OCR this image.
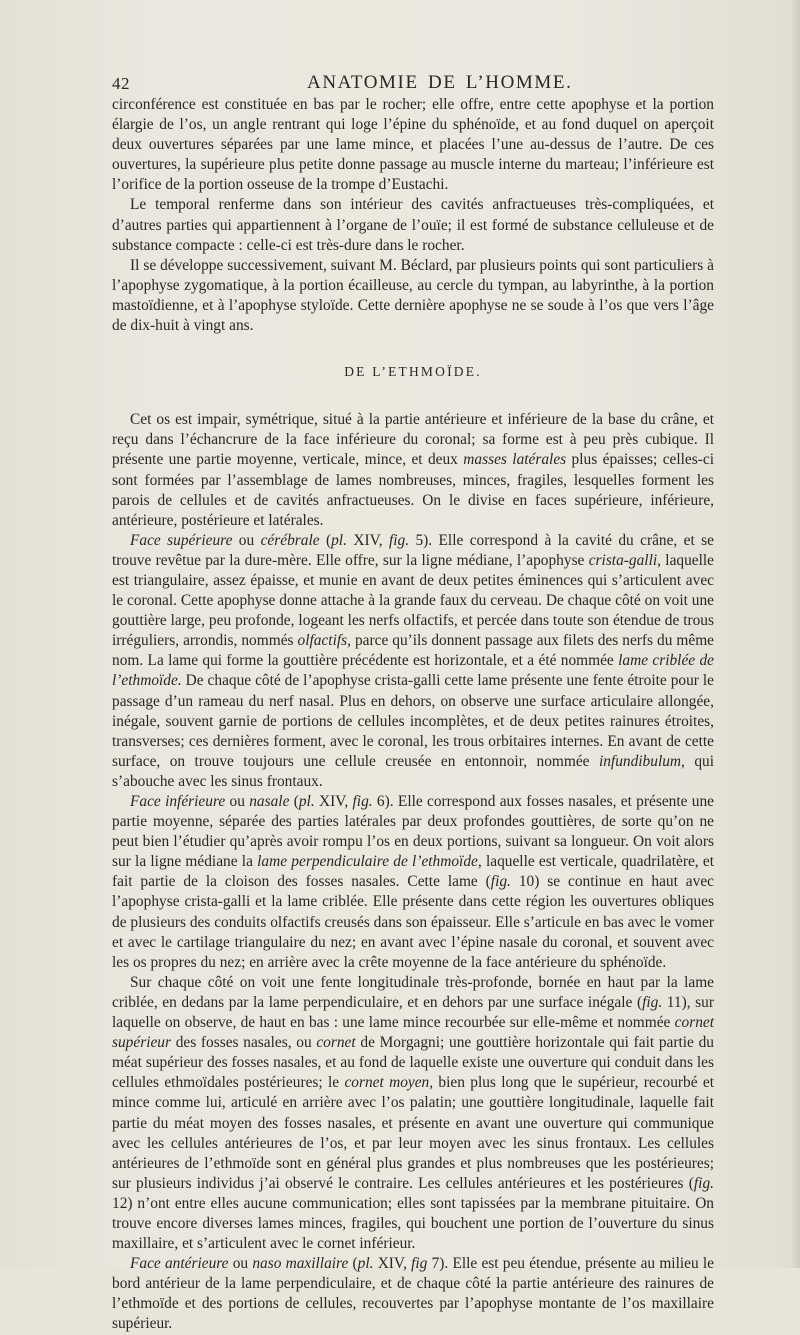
42	ANATOMIE DE L’HOMME.

circonférence est constituée en bas par le rocher; elle offre, entre cette apophyse et la portion élargie de l’os, un angle rentrant qui loge l’épine du sphénoïde, et au fond duquel on aperçoit deux ouvertures séparées par une lame mince, et placées l’une au-dessus de l’autre. De ces ouvertures, la supérieure plus petite donne passage au muscle interne du marteau; l’inférieure est l’orifice de la portion osseuse de la trompe d’Eustachi.

Le temporal renferme dans son intérieur des cavités anfractueuses très-compliquées, et d’autres parties qui appartiennent à l’organe de l’ouïe; il est formé de substance celluleuse et de substance compacte : celle-ci est très-dure dans le rocher.

Il se développe successivement, suivant M. Béclard, par plusieurs points qui sont particuliers à l’apophyse zygomatique, à la portion écailleuse, au cercle du tympan, au labyrinthe, à la portion mastoïdienne, et à l’apophyse styloïde. Cette dernière apophyse ne se soude à l’os que vers l’âge de dix-huit à vingt ans.

DE L’ETHMOÏDE.

Cet os est impair, symétrique, situé à la partie antérieure et inférieure de la base du crâne, et reçu dans l’échancrure de la face inférieure du coronal; sa forme est à peu près cubique. Il présente une partie moyenne, verticale, mince, et deux masses latérales plus épaisses; celles-ci sont formées par l’assemblage de lames nombreuses, minces, fragiles, lesquelles forment les parois de cellules et de cavités anfractueuses. On le divise en faces supérieure, inférieure, antérieure, postérieure et latérales.

Face supérieure ou cérébrale (pl. XIV, fig. 5). Elle correspond à la cavité du crâne, et se trouve revêtue par la dure-mère. Elle offre, sur la ligne médiane, l’apophyse crista-galli, laquelle est triangulaire, assez épaisse, et munie en avant de deux petites éminences qui s’articulent avec le coronal. Cette apophyse donne attache à la grande faux du cerveau. De chaque côté on voit une gouttière large, peu profonde, logeant les nerfs olfactifs, et percée dans toute son étendue de trous irréguliers, arrondis, nommés olfactifs, parce qu’ils donnent passage aux filets des nerfs du même nom. La lame qui forme la gouttière précédente est horizontale, et a été nommée lame criblée de l’ethmoïde. De chaque côté de l’apophyse crista-galli cette lame présente une fente étroite pour le passage d’un rameau du nerf nasal. Plus en dehors, on observe une surface articulaire allongée, inégale, souvent garnie de portions de cellules incomplètes, et de deux petites rainures étroites, transverses; ces dernières forment, avec le coronal, les trous orbitaires internes. En avant de cette surface, on trouve toujours une cellule creusée en entonnoir, nommée infundibulum, qui s’abouche avec les sinus frontaux.

Face inférieure ou nasale (pl. XIV, fig. 6). Elle correspond aux fosses nasales, et présente une partie moyenne, séparée des parties latérales par deux profondes gouttières, de sorte qu’on ne peut bien l’étudier qu’après avoir rompu l’os en deux portions, suivant sa longueur. On voit alors sur la ligne médiane la lame perpendiculaire de l’ethmoïde, laquelle est verticale, quadrilatère, et fait partie de la cloison des fosses nasales. Cette lame (fig. 10) se continue en haut avec l’apophyse crista-galli et la lame criblée. Elle présente dans cette région les ouvertures obliques de plusieurs des conduits olfactifs creusés dans son épaisseur. Elle s’articule en bas avec le vomer et avec le cartilage triangulaire du nez; en avant avec l’épine nasale du coronal, et souvent avec les os propres du nez; en arrière avec la crête moyenne de la face antérieure du sphénoïde.

Sur chaque côté on voit une fente longitudinale très-profonde, bornée en haut par la lame criblée, en dedans par la lame perpendiculaire, et en dehors par une surface inégale (fig. 11), sur laquelle on observe, de haut en bas : une lame mince recourbée sur elle-même et nommée cornet supérieur des fosses nasales, ou cornet de Morgagni; une gouttière horizontale qui fait partie du méat supérieur des fosses nasales, et au fond de laquelle existe une ouverture qui conduit dans les cellules ethmoïdales postérieures; le cornet moyen, bien plus long que le supérieur, recourbé et mince comme lui, articulé en arrière avec l’os palatin; une gouttière longitudinale, laquelle fait partie du méat moyen des fosses nasales, et présente en avant une ouverture qui communique avec les cellules antérieures de l’os, et par leur moyen avec les sinus frontaux. Les cellules antérieures de l’ethmoïde sont en général plus grandes et plus nombreuses que les postérieures; sur plusieurs individus j’ai observé le contraire. Les cellules antérieures et les postérieures (fig. 12) n’ont entre elles aucune communication; elles sont tapissées par la membrane pituitaire. On trouve encore diverses lames minces, fragiles, qui bouchent une portion de l’ouverture du sinus maxillaire, et s’articulent avec le cornet inférieur.

Face antérieure ou naso maxillaire (pl. XIV, fig 7). Elle est peu étendue, présente au milieu le bord antérieur de la lame perpendiculaire, et de chaque côté la partie antérieure des rainures de l’ethmoïde et des portions de cellules, recouvertes par l’apophyse montante de l’os maxillaire supérieur.
